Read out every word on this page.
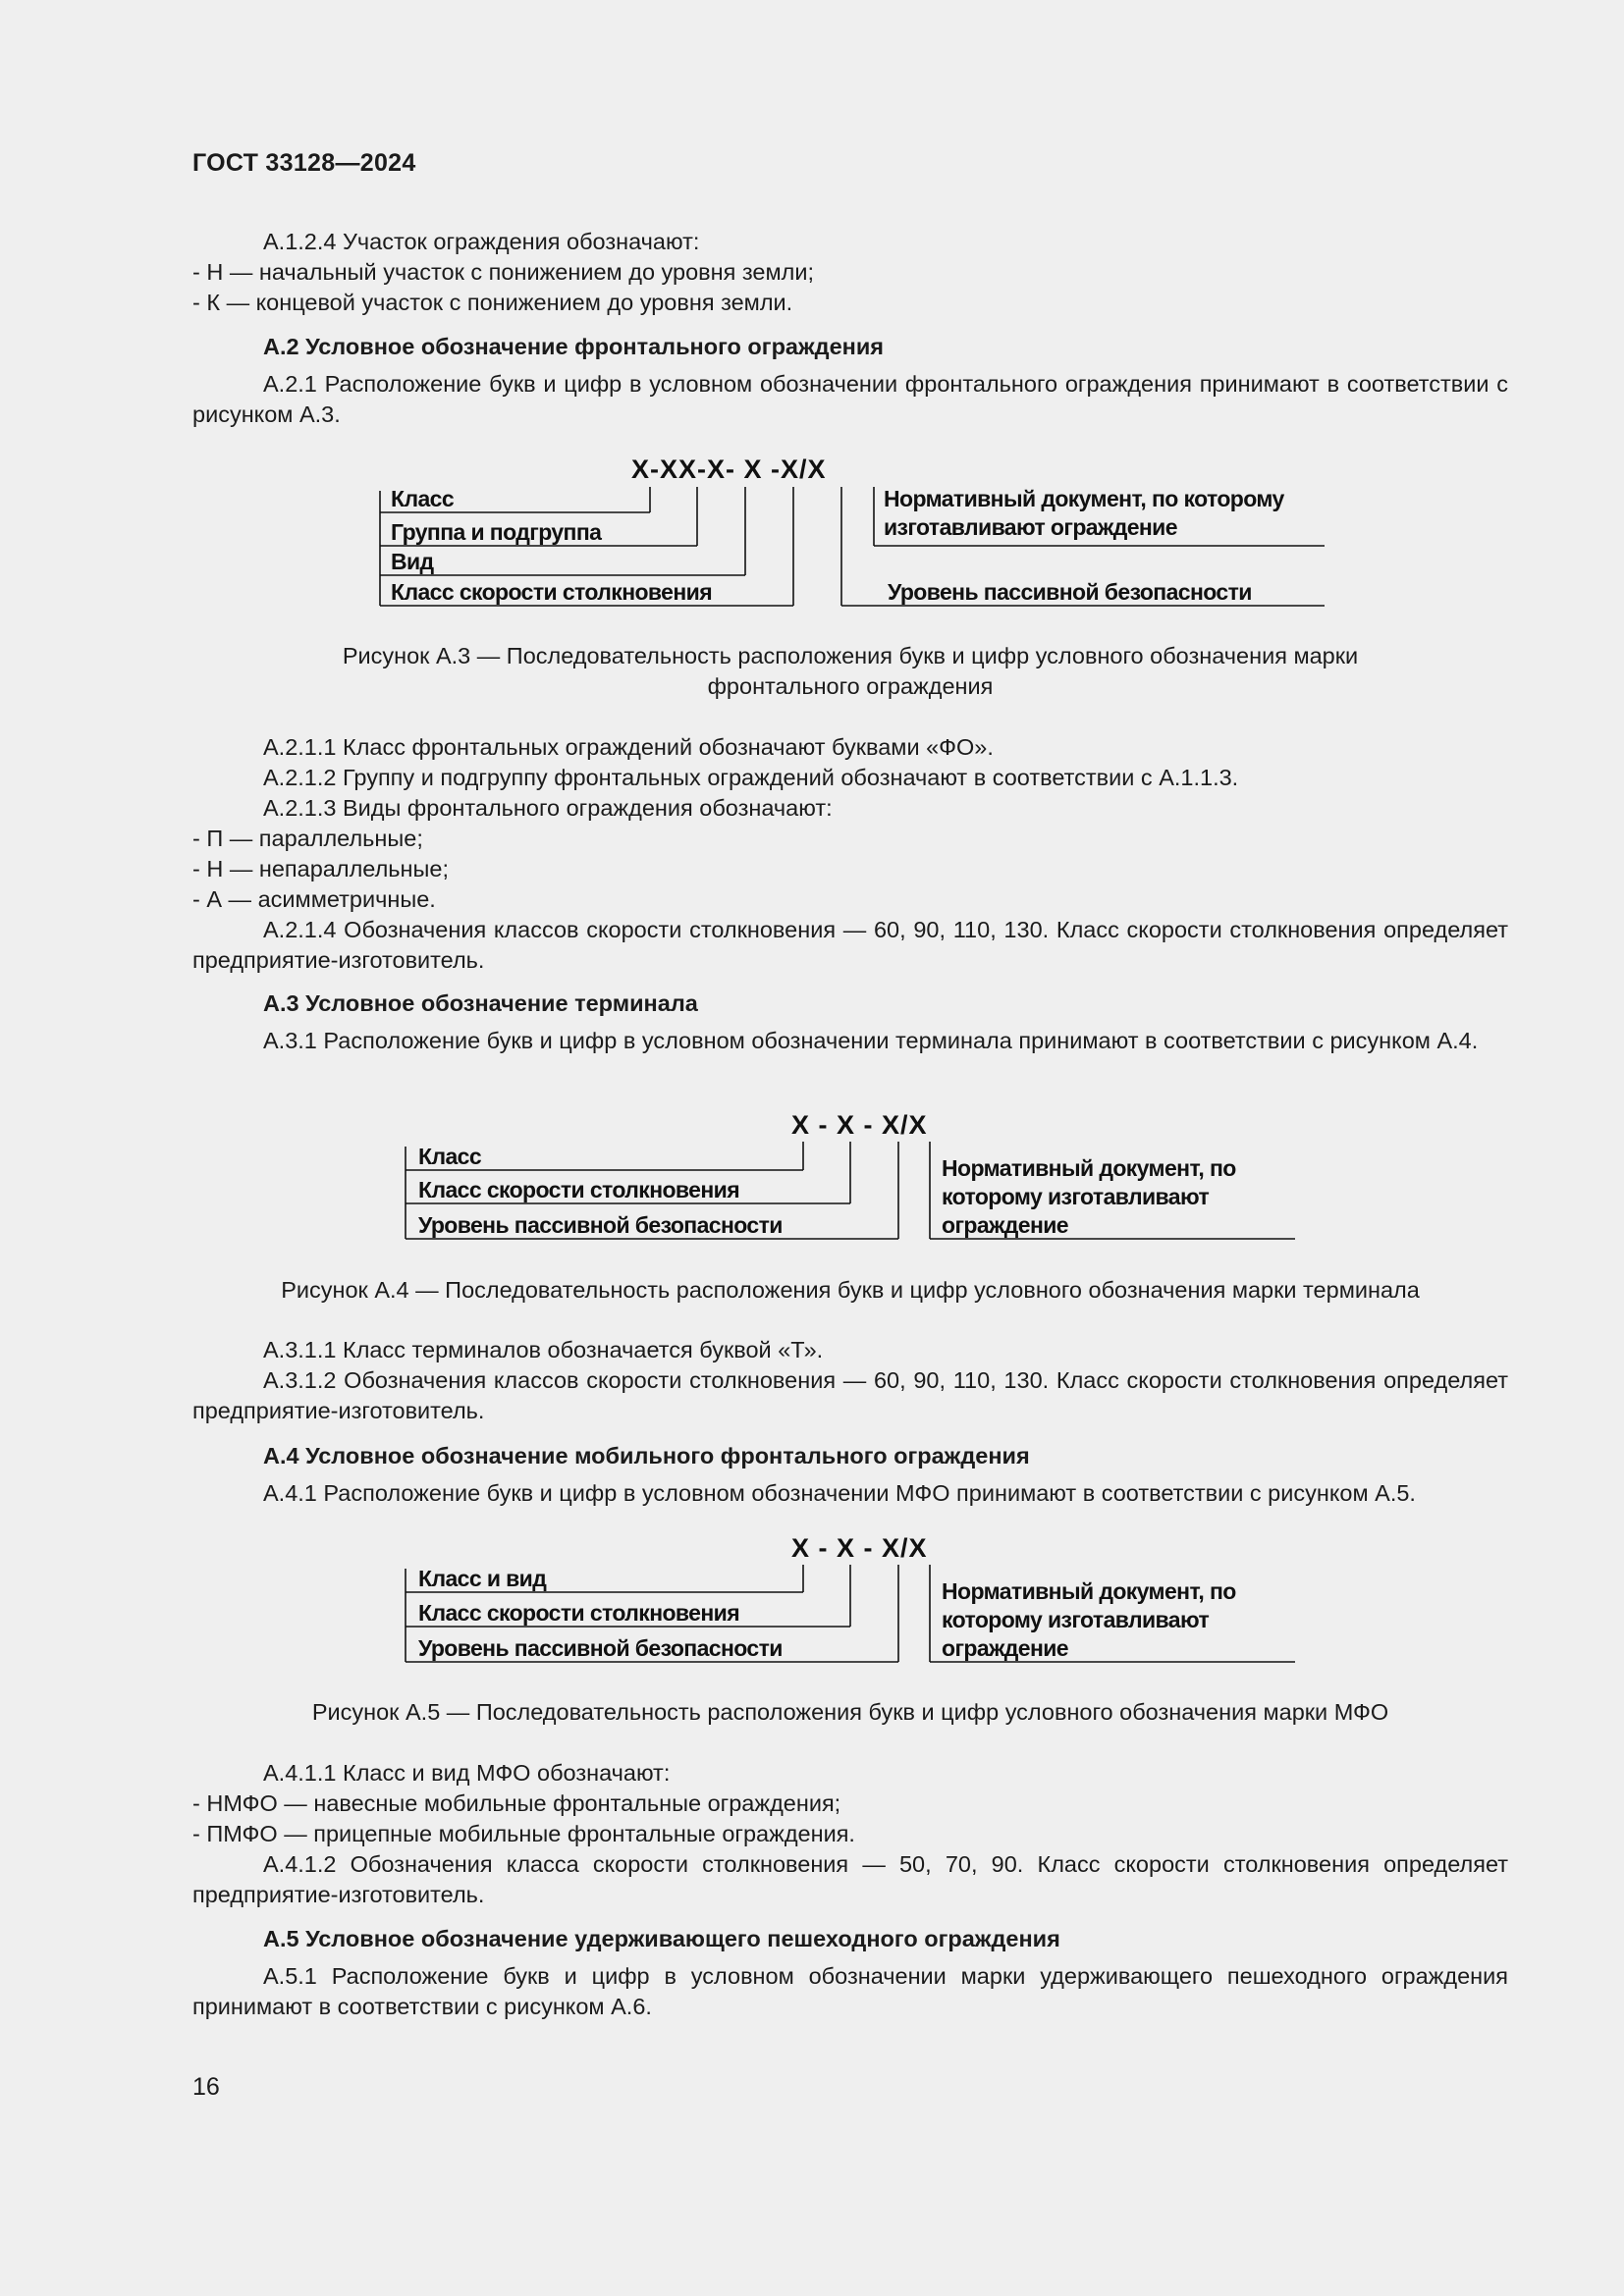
ГОСТ 33128—2024

А.1.2.4 Участок ограждения обозначают:

- Н — начальный участок с понижением до уровня земли;

- К — концевой участок с понижением до уровня земли.

А.2 Условное обозначение фронтального ограждения

А.2.1 Расположение букв и цифр в условном обозначении фронтального ограждения принимают в соответствии с рисунком А.3.

Х-ХХ-Х- Х -Х/Х
Класс
Группа и подгруппа
Вид
Класс скорости столкновения
Нормативный документ, по которому
изготавливают ограждение
Уровень пассивной безопасности

Рисунок А.3 — Последовательность расположения букв и цифр условного обозначения марки

фронтального ограждения

А.2.1.1 Класс фронтальных ограждений обозначают буквами «ФО».

А.2.1.2 Группу и подгруппу фронтальных ограждений обозначают в соответствии с А.1.1.3.

А.2.1.3 Виды фронтального ограждения обозначают:

- П — параллельные;

- Н — непараллельные;

- А — асимметричные.

А.2.1.4 Обозначения классов скорости столкновения — 60, 90, 110, 130. Класс скорости столкновения определяет предприятие-изготовитель.

А.3 Условное обозначение терминала

А.3.1 Расположение букв и цифр в условном обозначении терминала принимают в соответствии с рисунком А.4.

Х - Х - Х/Х
Класс
Класс скорости столкновения
Уровень пассивной безопасности
Нормативный документ, по
которому изготавливают
ограждение

Рисунок А.4 — Последовательность расположения букв и цифр условного обозначения марки терминала

А.3.1.1 Класс терминалов обозначается буквой «Т».

А.3.1.2 Обозначения классов скорости столкновения — 60, 90, 110, 130. Класс скорости столкновения определяет предприятие-изготовитель.

А.4 Условное обозначение мобильного фронтального ограждения

А.4.1 Расположение букв и цифр в условном обозначении МФО принимают в соответствии с рисунком А.5.

Х - Х - Х/Х
Класс и вид
Класс скорости столкновения
Уровень пассивной безопасности
Нормативный документ, по
которому изготавливают
ограждение

Рисунок А.5 — Последовательность расположения букв и цифр условного обозначения марки МФО

А.4.1.1 Класс и вид МФО обозначают:

- НМФО — навесные мобильные фронтальные ограждения;

- ПМФО — прицепные мобильные фронтальные ограждения.

А.4.1.2 Обозначения класса скорости столкновения — 50, 70, 90. Класс скорости столкновения определяет предприятие-изготовитель.

А.5 Условное обозначение удерживающего пешеходного ограждения

А.5.1 Расположение букв и цифр в условном обозначении марки удерживающего пешеходного ограждения принимают в соответствии с рисунком А.6.

16
